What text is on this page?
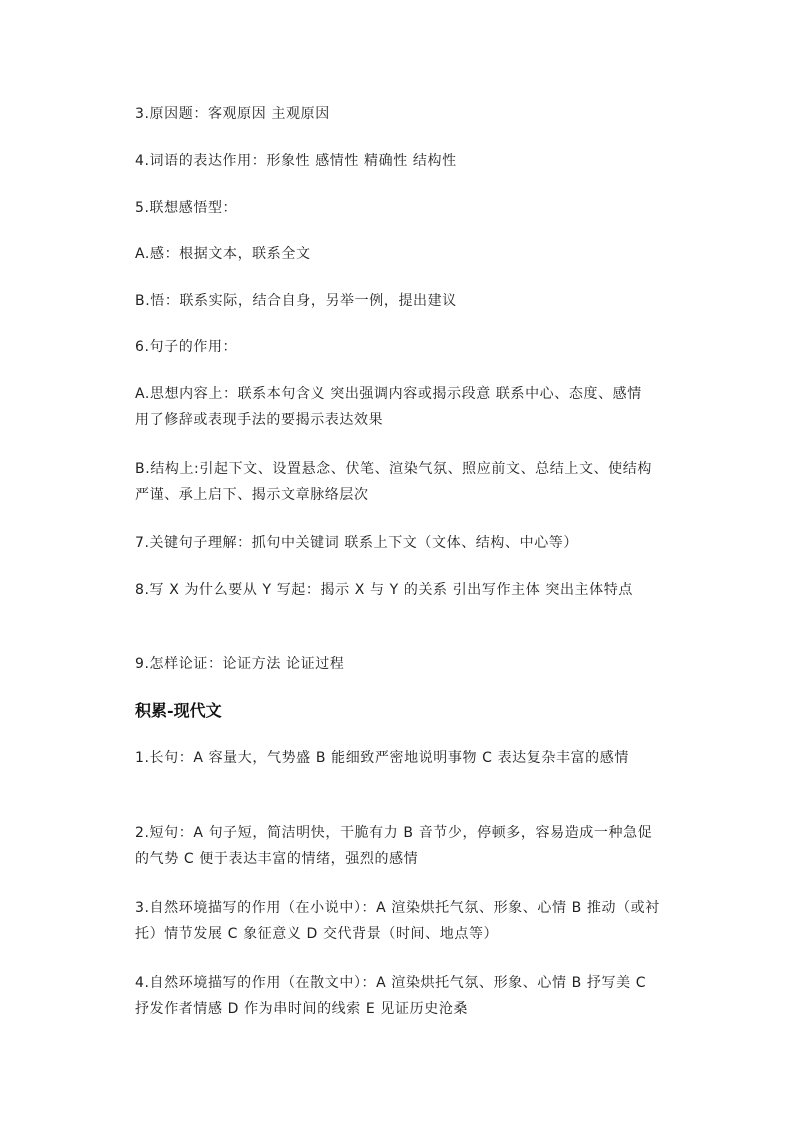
3.原因题：客观原因 主观原因

4.词语的表达作用：形象性 感情性 精确性 结构性

5.联想感悟型：

A.感：根据文本，联系全文

B.悟：联系实际，结合自身，另举一例，提出建议

6.句子的作用：

A.思想内容上：联系本句含义 突出强调内容或揭示段意 联系中心、态度、感情 用了修辞或表现手法的要揭示表达效果

B.结构上:引起下文、设置悬念、伏笔、渲染气氛、照应前文、总结上文、使结构严谨、承上启下、揭示文章脉络层次

7.关键句子理解：抓句中关键词 联系上下文（文体、结构、中心等）

8.写 X 为什么要从 Y 写起：揭示 X 与 Y 的关系 引出写作主体 突出主体特点

9.怎样论证：论证方法 论证过程

积累-现代文

1.长句：A 容量大，气势盛 B 能细致严密地说明事物 C 表达复杂丰富的感情

2.短句：A 句子短，简洁明快，干脆有力 B 音节少，停顿多，容易造成一种急促的气势 C 便于表达丰富的情绪，强烈的感情

3.自然环境描写的作用（在小说中）：A 渲染烘托气氛、形象、心情 B 推动（或衬托）情节发展 C 象征意义 D 交代背景（时间、地点等）

4.自然环境描写的作用（在散文中）：A 渲染烘托气氛、形象、心情 B 抒写美 C 抒发作者情感 D 作为串时间的线索 E 见证历史沧桑
